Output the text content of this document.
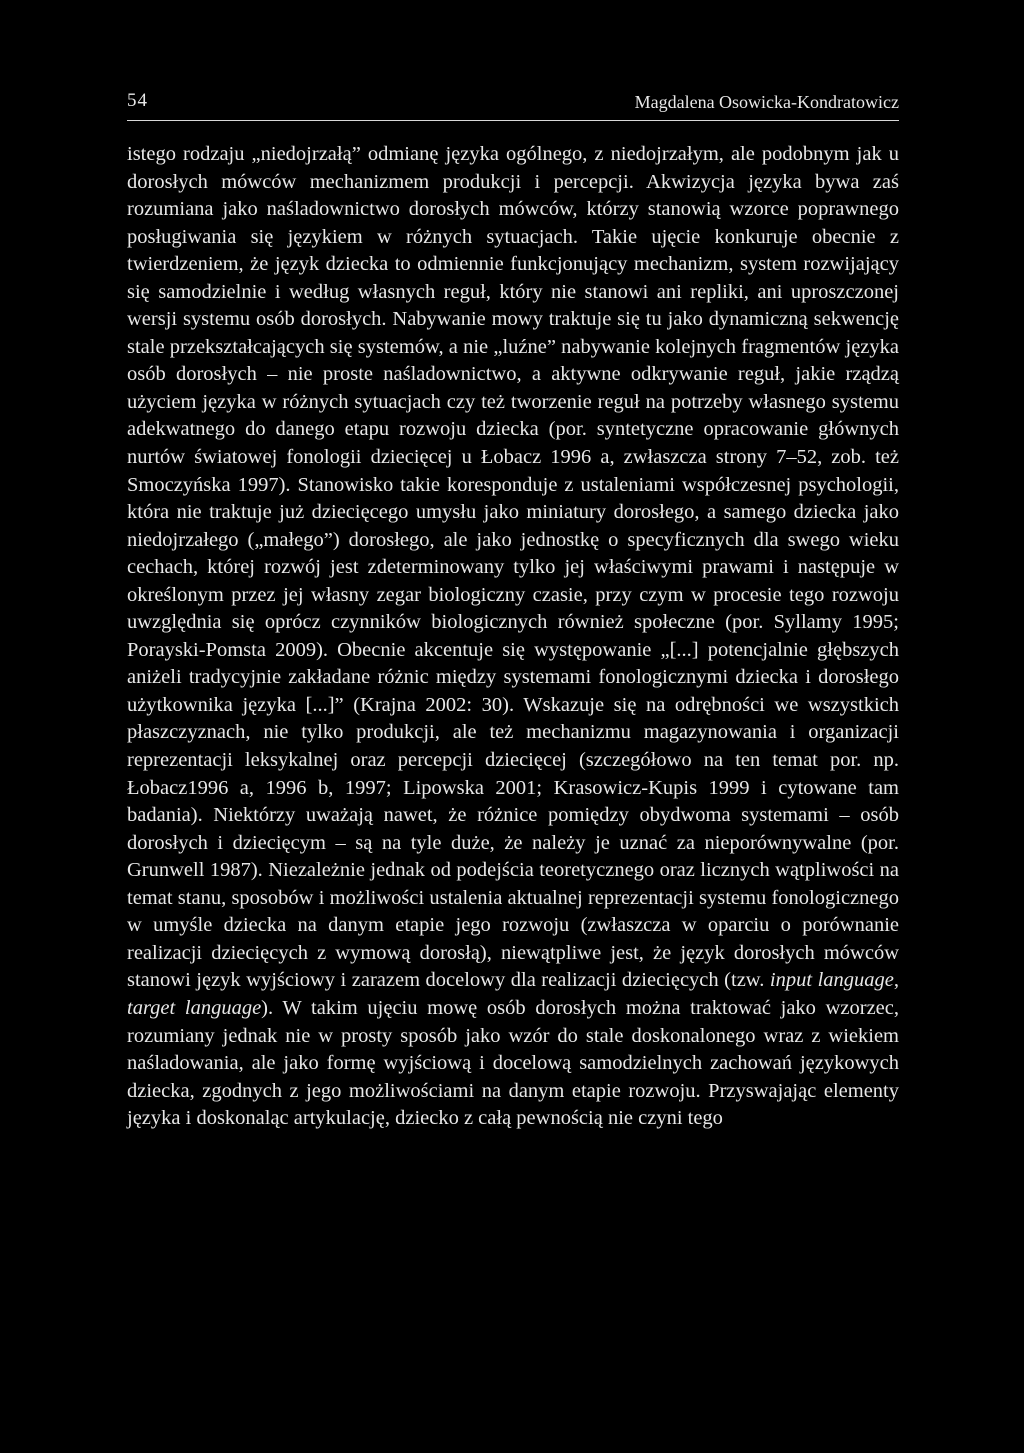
54	Magdalena Osowicka-Kondratowicz

istego rodzaju „niedojrzałą” odmianę języka ogólnego, z niedojrzałym, ale podobnym jak u dorosłych mówców mechanizmem produkcji i percepcji. Akwizycja języka bywa zaś rozumiana jako naśladownictwo dorosłych mówców, którzy stanowią wzorce poprawnego posługiwania się językiem w różnych sytuacjach. Takie ujęcie konkuruje obecnie z twierdzeniem, że język dziecka to odmiennie funkcjonujący mechanizm, system rozwijający się samodzielnie i według własnych reguł, który nie stanowi ani repliki, ani uproszczonej wersji systemu osób dorosłych. Nabywanie mowy traktuje się tu jako dynamiczną sekwencję stale przekształcających się systemów, a nie „luźne” nabywanie kolejnych fragmentów języka osób dorosłych – nie proste naśladownictwo, a aktywne odkrywanie reguł, jakie rządzą użyciem języka w różnych sytuacjach czy też tworzenie reguł na potrzeby własnego systemu adekwatnego do danego etapu rozwoju dziecka (por. syntetyczne opracowanie głównych nurtów światowej fonologii dziecięcej u Łobacz 1996 a, zwłaszcza strony 7–52, zob. też Smoczyńska 1997). Stanowisko takie koresponduje z ustaleniami współczesnej psychologii, która nie traktuje już dziecięcego umysłu jako miniatury dorosłego, a samego dziecka jako niedojrzałego („małego”) dorosłego, ale jako jednostkę o specyficznych dla swego wieku cechach, której rozwój jest zdeterminowany tylko jej właściwymi prawami i następuje w określonym przez jej własny zegar biologiczny czasie, przy czym w procesie tego rozwoju uwzględnia się oprócz czynników biologicznych również społeczne (por. Syllamy 1995; Porayski-Pomsta 2009). Obecnie akcentuje się występowanie „[...] potencjalnie głębszych aniżeli tradycyjnie zakładane różnic między systemami fonologicznymi dziecka i dorosłego użytkownika języka [...]” (Krajna 2002: 30). Wskazuje się na odrębności we wszystkich płaszczyznach, nie tylko produkcji, ale też mechanizmu magazynowania i organizacji reprezentacji leksykalnej oraz percepcji dziecięcej (szczegółowo na ten temat por. np. Łobacz1996 a, 1996 b, 1997; Lipowska 2001; Krasowicz-Kupis 1999 i cytowane tam badania). Niektórzy uważają nawet, że różnice pomiędzy obydwoma systemami – osób dorosłych i dziecięcym – są na tyle duże, że należy je uznać za nieporównywalne (por. Grunwell 1987). Niezależnie jednak od podejścia teoretycznego oraz licznych wątpliwości na temat stanu, sposobów i możliwości ustalenia aktualnej reprezentacji systemu fonologicznego w umyśle dziecka na danym etapie jego rozwoju (zwłaszcza w oparciu o porównanie realizacji dziecięcych z wymową dorosłą), niewątpliwe jest, że język dorosłych mówców stanowi język wyjściowy i zarazem docelowy dla realizacji dziecięcych (tzw. input language, target language). W takim ujęciu mowę osób dorosłych można traktować jako wzorzec, rozumiany jednak nie w prosty sposób jako wzór do stale doskonalonego wraz z wiekiem naśladowania, ale jako formę wyjściową i docelową samodzielnych zachowań językowych dziecka, zgodnych z jego możliwościami na danym etapie rozwoju. Przyswajając elementy języka i doskonaląc artykulację, dziecko z całą pewnością nie czyni tego
